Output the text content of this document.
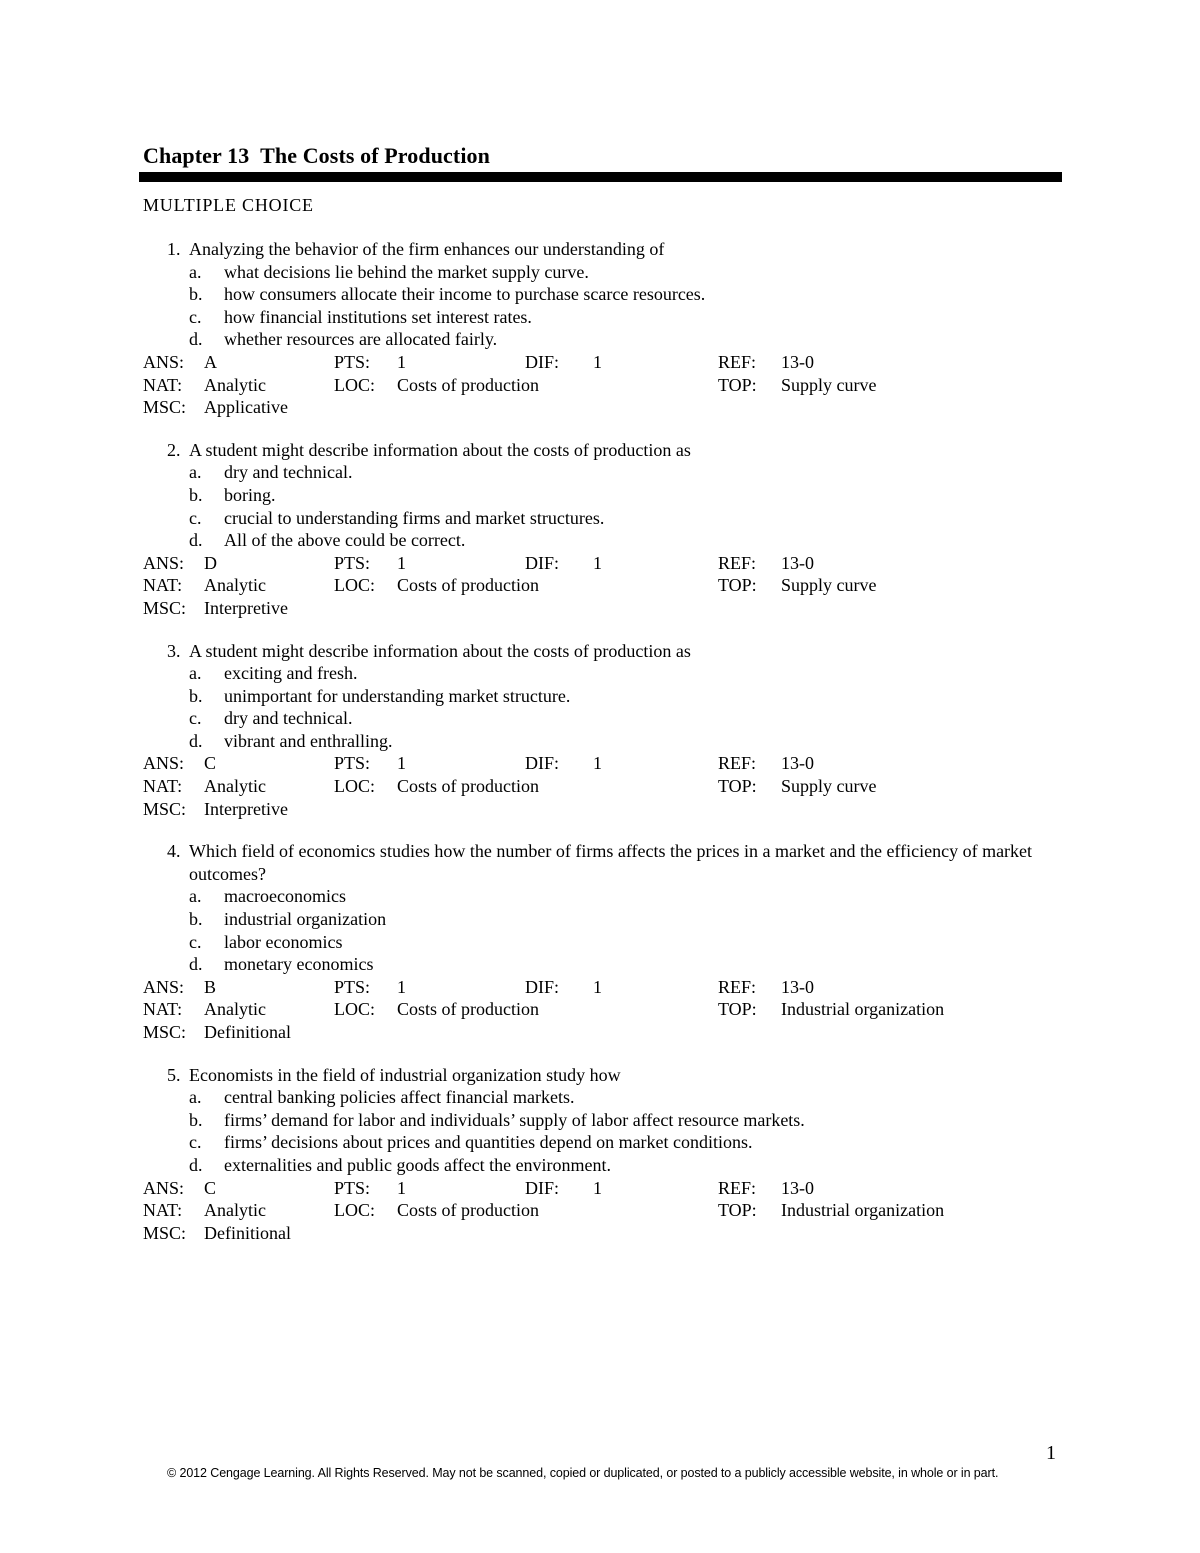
Chapter 13  The Costs of Production
MULTIPLE CHOICE
1. Analyzing the behavior of the firm enhances our understanding of
a.	what decisions lie behind the market supply curve.
b.	how consumers allocate their income to purchase scarce resources.
c.	how financial institutions set interest rates.
d.	whether resources are allocated fairly.
ANS: A	PTS: 1	DIF: 1	REF: 13-0
NAT: Analytic	LOC: Costs of production	TOP: Supply curve
MSC: Applicative
2. A student might describe information about the costs of production as
a.	dry and technical.
b.	boring.
c.	crucial to understanding firms and market structures.
d.	All of the above could be correct.
ANS: D	PTS: 1	DIF: 1	REF: 13-0
NAT: Analytic	LOC: Costs of production	TOP: Supply curve
MSC: Interpretive
3. A student might describe information about the costs of production as
a.	exciting and fresh.
b.	unimportant for understanding market structure.
c.	dry and technical.
d.	vibrant and enthralling.
ANS: C	PTS: 1	DIF: 1	REF: 13-0
NAT: Analytic	LOC: Costs of production	TOP: Supply curve
MSC: Interpretive
4. Which field of economics studies how the number of firms affects the prices in a market and the efficiency of market outcomes?
a.	macroeconomics
b.	industrial organization
c.	labor economics
d.	monetary economics
ANS: B	PTS: 1	DIF: 1	REF: 13-0
NAT: Analytic	LOC: Costs of production	TOP: Industrial organization
MSC: Definitional
5. Economists in the field of industrial organization study how
a.	central banking policies affect financial markets.
b.	firms’ demand for labor and individuals’ supply of labor affect resource markets.
c.	firms’ decisions about prices and quantities depend on market conditions.
d.	externalities and public goods affect the environment.
ANS: C	PTS: 1	DIF: 1	REF: 13-0
NAT: Analytic	LOC: Costs of production	TOP: Industrial organization
MSC: Definitional
1
© 2012 Cengage Learning. All Rights Reserved. May not be scanned, copied or duplicated, or posted to a publicly accessible website, in whole or in part.
